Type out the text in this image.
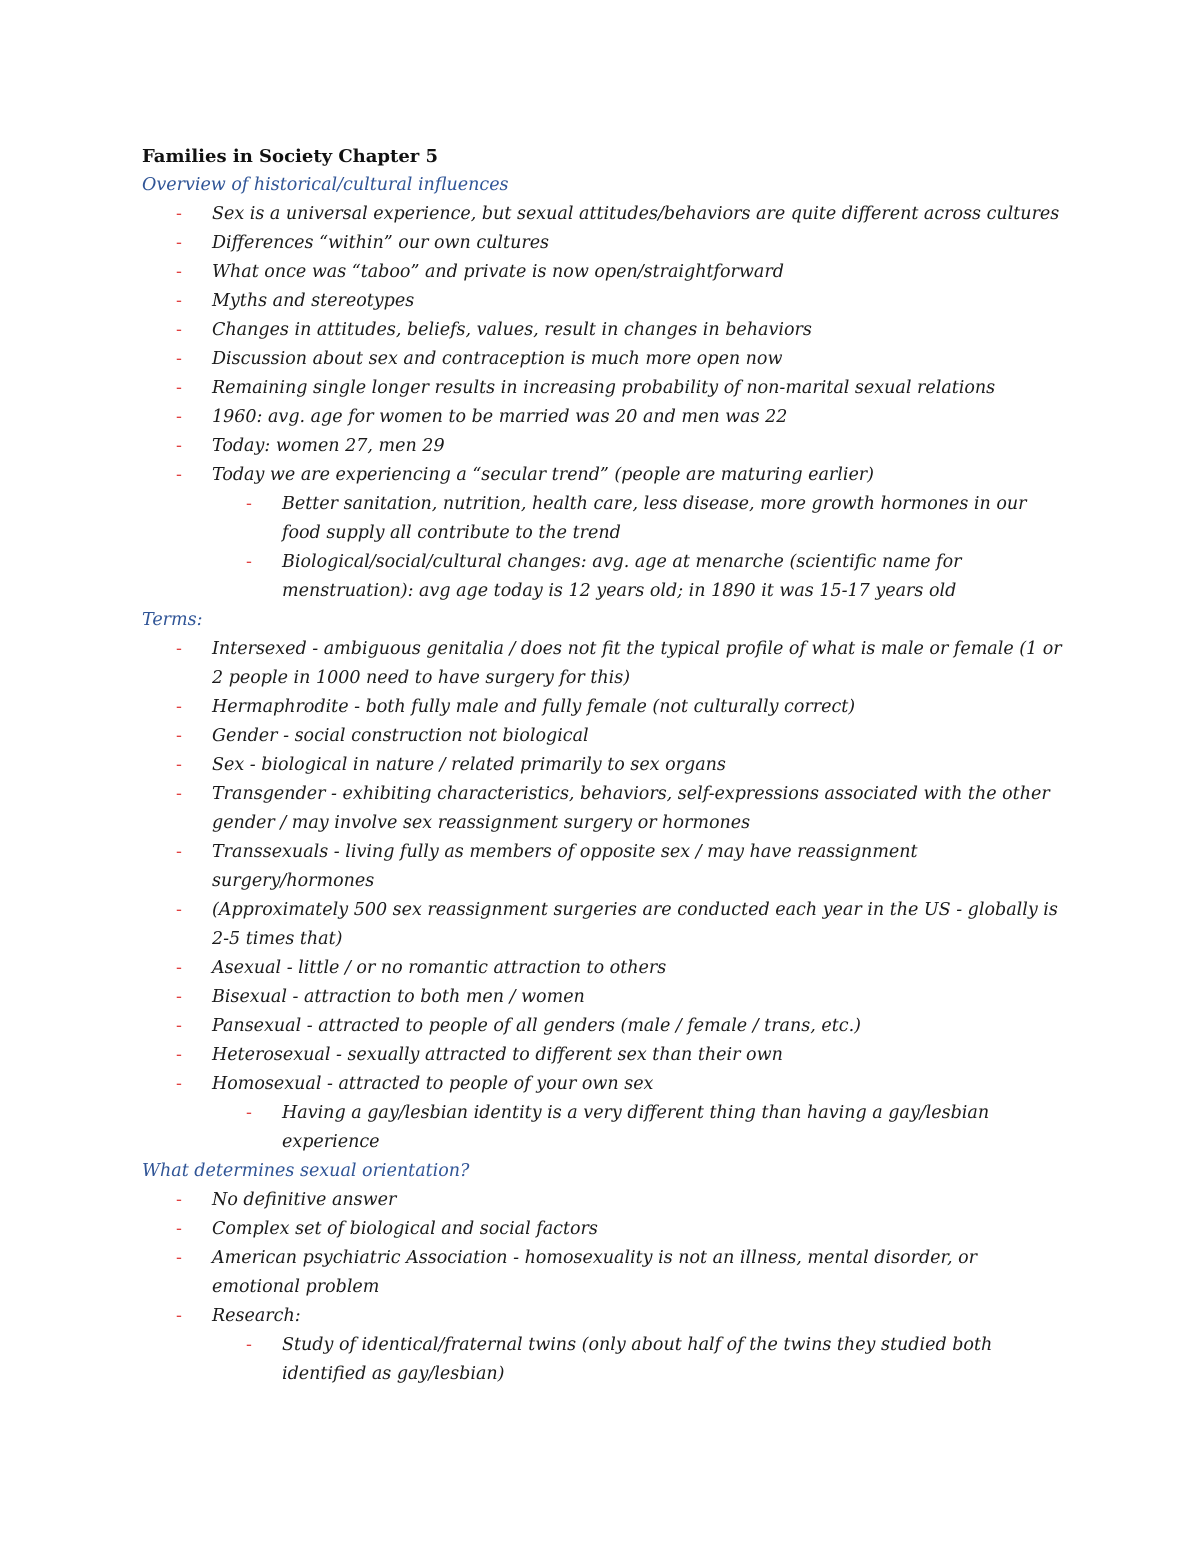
Families in Society Chapter 5

Overview of historical/cultural influences

- Sex is a universal experience, but sexual attitudes/behaviors are quite different across cultures
- Differences “within” our own cultures
- What once was “taboo” and private is now open/straightforward
- Myths and stereotypes
- Changes in attitudes, beliefs, values, result in changes in behaviors
- Discussion about sex and contraception is much more open now
- Remaining single longer results in increasing probability of non-marital sexual relations
- 1960: avg. age for women to be married was 20 and men was 22
- Today: women 27, men 29
- Today we are experiencing a “secular trend” (people are maturing earlier)
- Better sanitation, nutrition, health care, less disease, more growth hormones in our food supply all contribute to the trend
- Biological/social/cultural changes: avg. age at menarche (scientific name for menstruation): avg age today is 12 years old; in 1890 it was 15-17 years old

Terms:

- Intersexed - ambiguous genitalia / does not fit the typical profile of what is male or female (1 or 2 people in 1000 need to have surgery for this)
- Hermaphrodite - both fully male and fully female (not culturally correct)
- Gender - social construction not biological
- Sex - biological in nature / related primarily to sex organs
- Transgender - exhibiting characteristics, behaviors, self-expressions associated with the other gender / may involve sex reassignment surgery or hormones
- Transsexuals - living fully as members of opposite sex / may have reassignment surgery/hormones
- (Approximately 500 sex reassignment surgeries are conducted each year in the US - globally is 2-5 times that)
- Asexual - little / or no romantic attraction to others
- Bisexual - attraction to both men / women
- Pansexual - attracted to people of all genders (male / female / trans, etc.)
- Heterosexual - sexually attracted to different sex than their own
- Homosexual - attracted to people of your own sex
- Having a gay/lesbian identity is a very different thing than having a gay/lesbian experience

What determines sexual orientation?

- No definitive answer
- Complex set of biological and social factors
- American psychiatric Association - homosexuality is not an illness, mental disorder, or emotional problem
- Research:
- Study of identical/fraternal twins (only about half of the twins they studied both identified as gay/lesbian)
